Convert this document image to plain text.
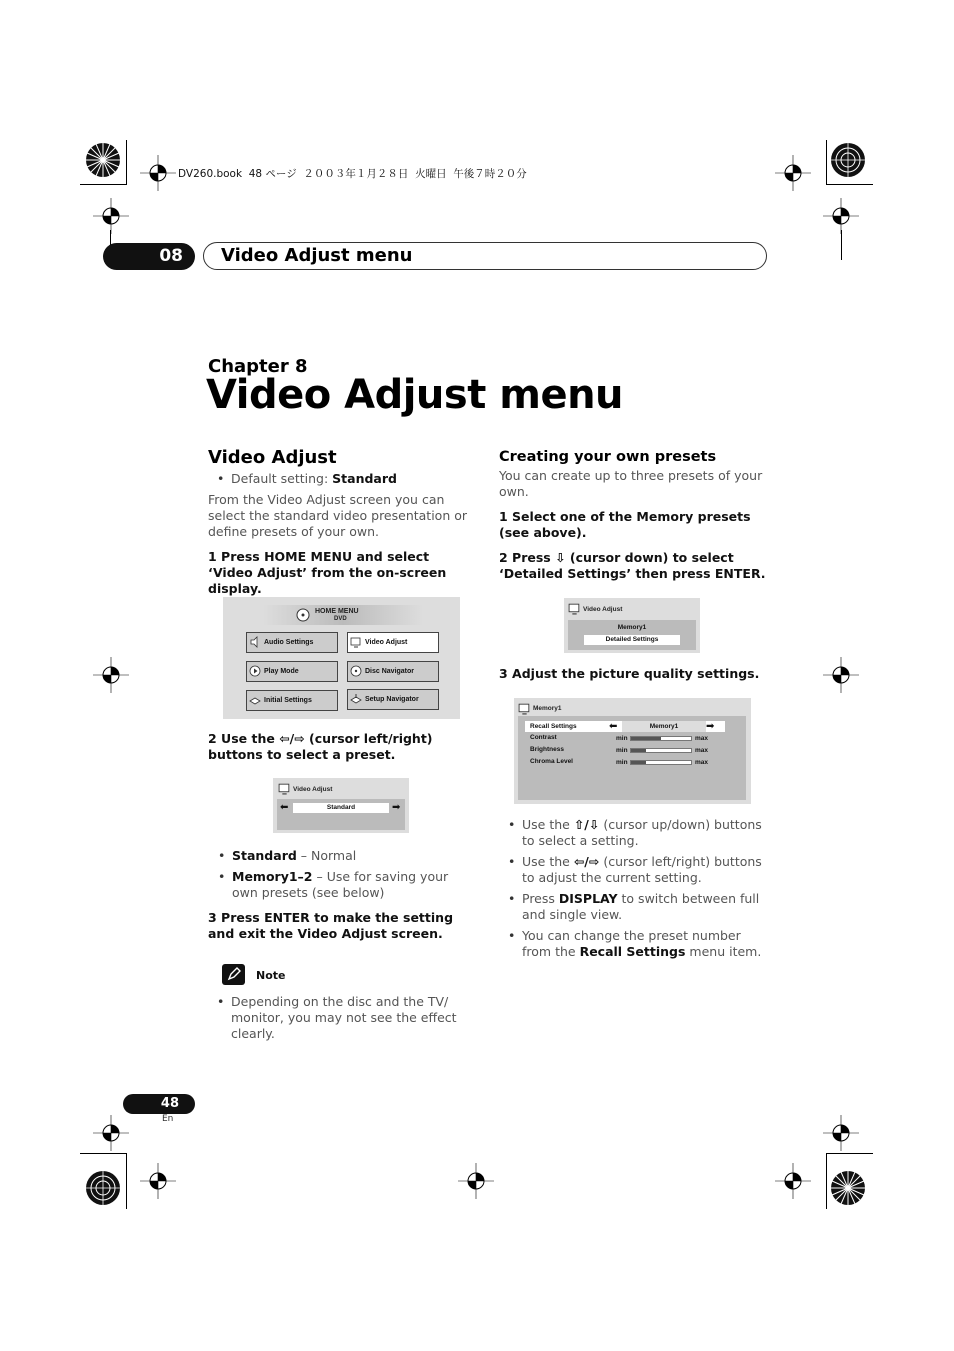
DV260.book  48 ページ  ２００３年１月２８日  火曜日  午後７時２０分
08	Video Adjust menu
Chapter 8
Video Adjust menu
Video Adjust
• Default setting: Standard
From the Video Adjust screen you can select the standard video presentation or define presets of your own.
1 Press HOME MENU and select ‘Video Adjust’ from the on-screen display.
HOME MENU
DVD
Audio Settings	Video Adjust
Play Mode	Disc Navigator
Initial Settings	Setup Navigator
2 Use the ⇦/⇨ (cursor left/right) buttons to select a preset.
Video Adjust
⬅	Standard	➡
• Standard – Normal
• Memory1–2 – Use for saving your own presets (see below)
3 Press ENTER to make the setting and exit the Video Adjust screen.
Note
• Depending on the disc and the TV/ monitor, you may not see the effect clearly.
Creating your own presets
You can create up to three presets of your own.
1 Select one of the Memory presets (see above).
2 Press ⇩ (cursor down) to select ‘Detailed Settings’ then press ENTER.
Video Adjust
Memory1
Detailed Settings
3 Adjust the picture quality settings.
Memory1
Recall Settings	⬅	Memory1	➡
Contrast	min	max
Brightness	min	max
Chroma Level	min	max
• Use the ⇧/⇩ (cursor up/down) buttons to select a setting.
• Use the ⇦/⇨ (cursor left/right) buttons to adjust the current setting.
• Press DISPLAY to switch between full and single view.
• You can change the preset number from the Recall Settings menu item.
48
En
